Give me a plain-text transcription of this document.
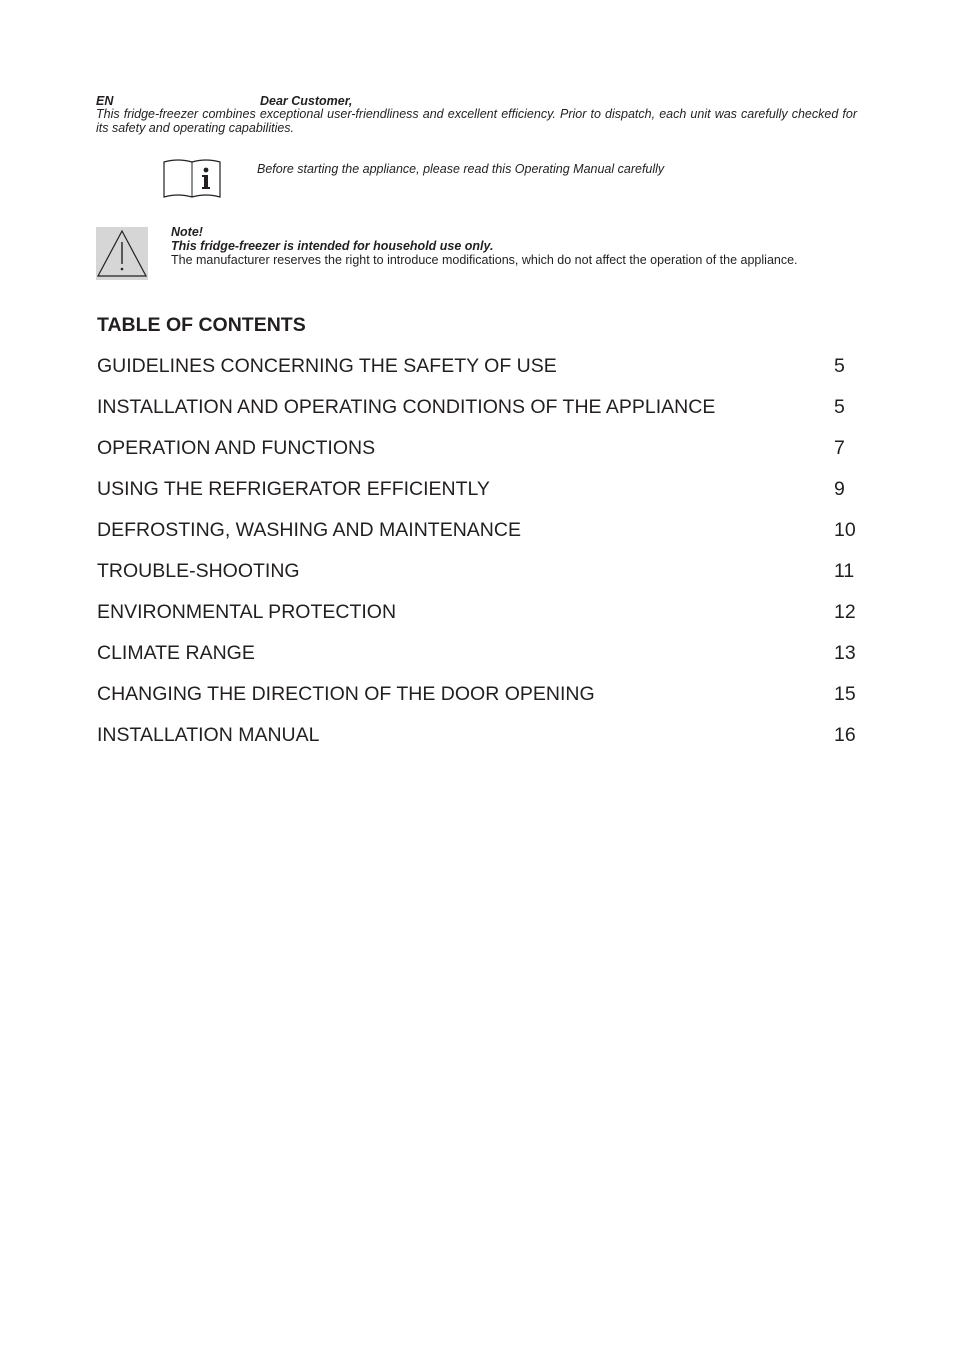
EN	Dear Customer,
This fridge-freezer combines exceptional user-friendliness and excellent efficiency. Prior to dispatch, each unit was carefully checked for its safety and operating capabilities.
Before starting the appliance, please read this Operating Manual carefully
Note!
This fridge-freezer is intended for household use only.
The manufacturer reserves the right to introduce modifications, which do not affect the operation of the appliance.
TABLE OF CONTENTS
GUIDELINES CONCERNING THE SAFETY OF USE	5
INSTALLATION AND OPERATING CONDITIONS OF THE APPLIANCE	5
OPERATION AND FUNCTIONS	7
USING THE REFRIGERATOR EFFICIENTLY	9
DEFROSTING, WASHING AND MAINTENANCE	10
TROUBLE-SHOOTING	11
ENVIRONMENTAL PROTECTION	12
CLIMATE RANGE	13
CHANGING THE DIRECTION OF THE DOOR OPENING	15
INSTALLATION MANUAL	16
